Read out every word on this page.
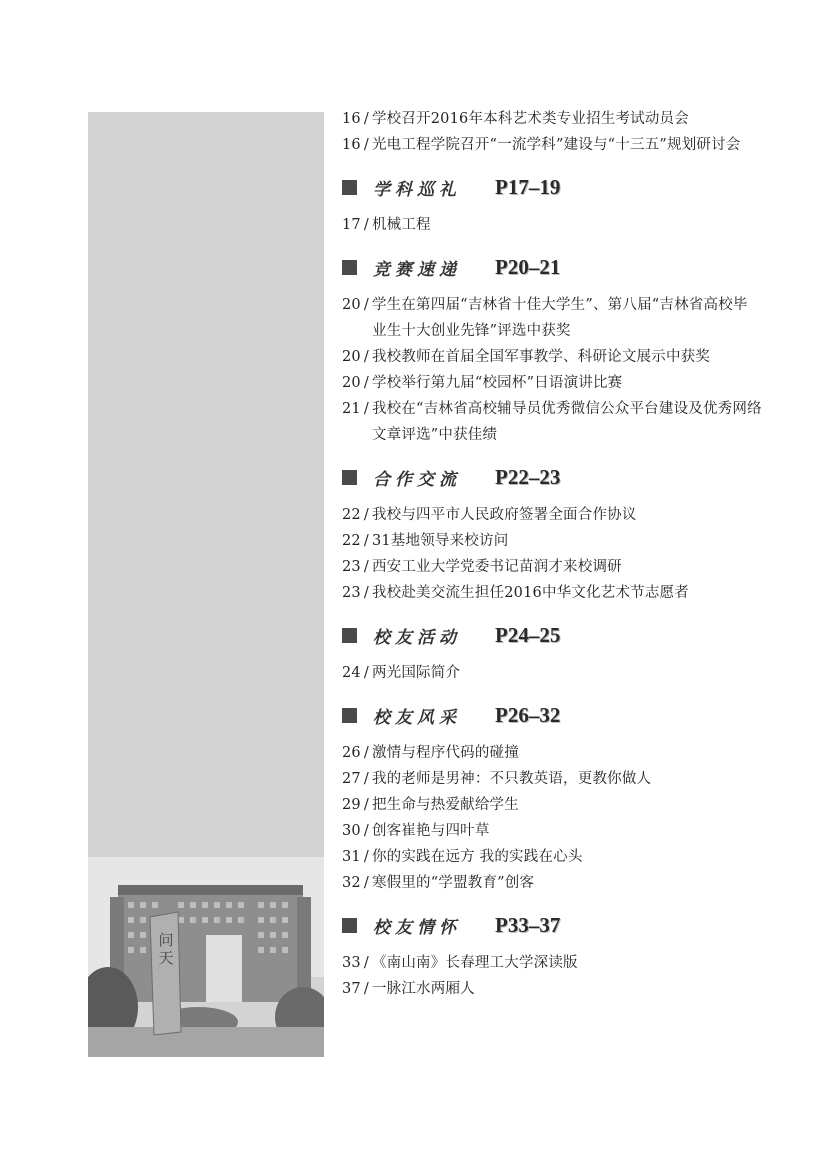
问天
16 / 学校召开2016年本科艺术类专业招生考试动员会
16 / 光电工程学院召开“一流学科”建设与“十三五”规划研讨会
学科巡礼	P17–19
17 / 机械工程
竞赛速递	P20–21
20 / 学生在第四届“吉林省十佳大学生”、第八届“吉林省高校毕业生十大创业先锋”评选中获奖
20 / 我校教师在首届全国军事教学、科研论文展示中获奖
20 / 学校举行第九届“校园杯”日语演讲比赛
21 / 我校在“吉林省高校辅导员优秀微信公众平台建设及优秀网络文章评选”中获佳绩
合作交流	P22–23
22 / 我校与四平市人民政府签署全面合作协议
22 / 31基地领导来校访问
23 / 西安工业大学党委书记苗润才来校调研
23 / 我校赴美交流生担任2016中华文化艺术节志愿者
校友活动	P24–25
24 / 两光国际简介
校友风采	P26–32
26 / 激情与程序代码的碰撞
27 / 我的老师是男神：不只教英语，更教你做人
29 / 把生命与热爱献给学生
30 / 创客崔艳与四叶草
31 / 你的实践在远方 我的实践在心头
32 / 寒假里的“学盟教育”创客
校友情怀	P33–37
33 / 《南山南》长春理工大学深读版
37 / 一脉江水两厢人
